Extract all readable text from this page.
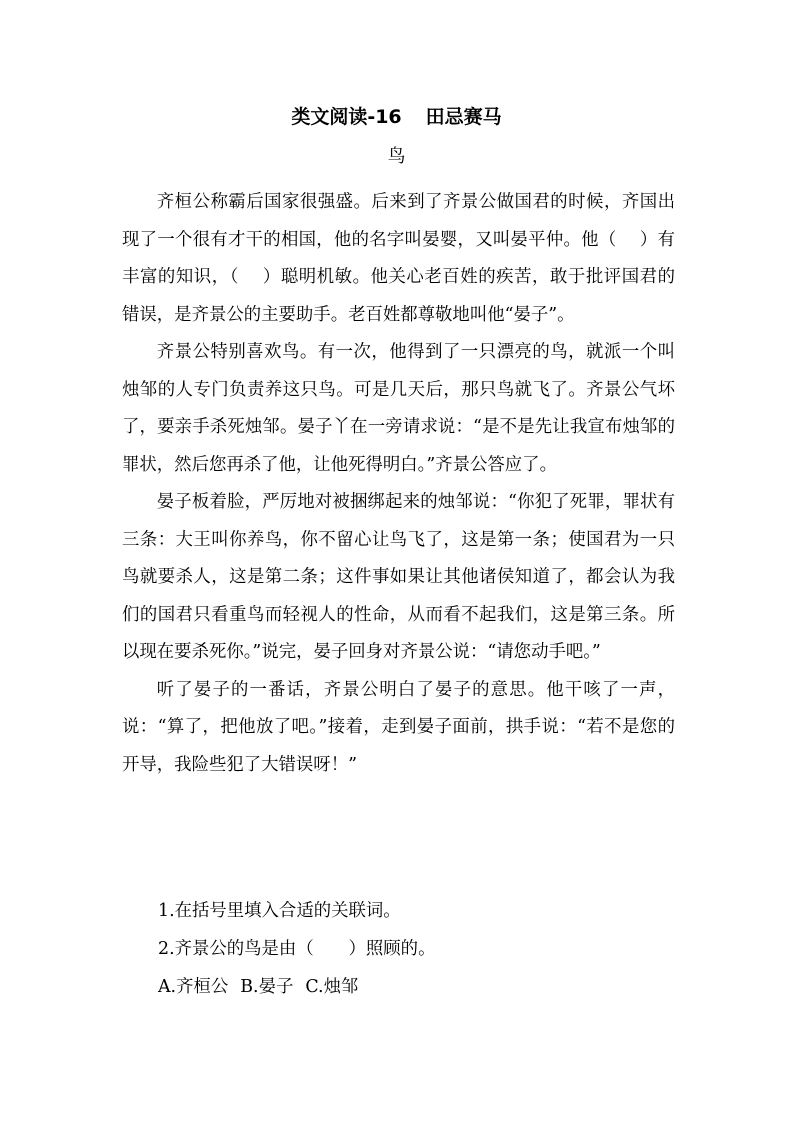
类文阅读-16 田忌赛马
鸟

齐桓公称霸后国家很强盛。后来到了齐景公做国君的时候，齐国出现了一个很有才干的相国，他的名字叫晏婴，又叫晏平仲。他（　 ）有丰富的知识，（　 ）聪明机敏。他关心老百姓的疾苦，敢于批评国君的错误，是齐景公的主要助手。老百姓都尊敬地叫他“晏子”。

齐景公特别喜欢鸟。有一次，他得到了一只漂亮的鸟，就派一个叫烛邹的人专门负责养这只鸟。可是几天后，那只鸟就飞了。齐景公气坏了，要亲手杀死烛邹。晏子丫在一旁请求说：“是不是先让我宣布烛邹的罪状，然后您再杀了他，让他死得明白。”齐景公答应了。

晏子板着脸，严厉地对被捆绑起来的烛邹说：“你犯了死罪，罪状有三条：大王叫你养鸟，你不留心让鸟飞了，这是第一条；使国君为一只鸟就要杀人，这是第二条；这件事如果让其他诸侯知道了，都会认为我们的国君只看重鸟而轻视人的性命，从而看不起我们，这是第三条。所以现在要杀死你。”说完，晏子回身对齐景公说：“请您动手吧。”

听了晏子的一番话，齐景公明白了晏子的意思。他干咳了一声，说：“算了，把他放了吧。”接着，走到晏子面前，拱手说：“若不是您的开导，我险些犯了大错误呀！”

1.在括号里填入合适的关联词。

2.齐景公的鸟是由（　　）照顾的。

A.齐桓公 B.晏子 C.烛邹
